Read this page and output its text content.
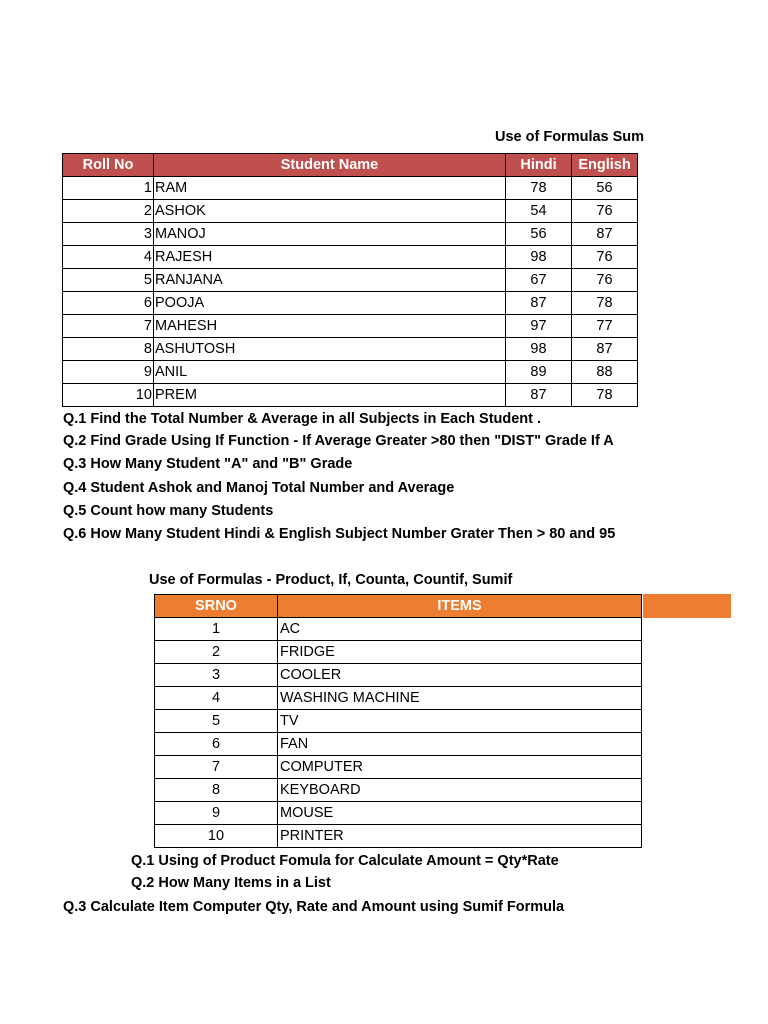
Use of Formulas Sum
Roll No	Student Name	Hindi	English
1	RAM	78	56
2	ASHOK	54	76
3	MANOJ	56	87
4	RAJESH	98	76
5	RANJANA	67	76
6	POOJA	87	78
7	MAHESH	97	77
8	ASHUTOSH	98	87
9	ANIL	89	88
10	PREM	87	78
Q.1 Find the Total Number & Average in all Subjects in Each Student .
Q.2 Find Grade Using If Function - If Average Greater >80 then "DIST" Grade If A
Q.3 How Many Student "A" and "B" Grade
Q.4 Student Ashok and Manoj Total Number and Average
Q.5 Count how many Students
Q.6 How Many Student Hindi & English Subject Number Grater Then > 80 and 95
Use of Formulas - Product, If, Counta, Countif, Sumif
SRNO	ITEMS
1	AC
2	FRIDGE
3	COOLER
4	WASHING MACHINE
5	TV
6	FAN
7	COMPUTER
8	KEYBOARD
9	MOUSE
10	PRINTER
Q.1 Using of Product Fomula for Calculate Amount = Qty*Rate
Q.2 How Many Items in a List
Q.3 Calculate Item Computer Qty, Rate and Amount using Sumif Formula
